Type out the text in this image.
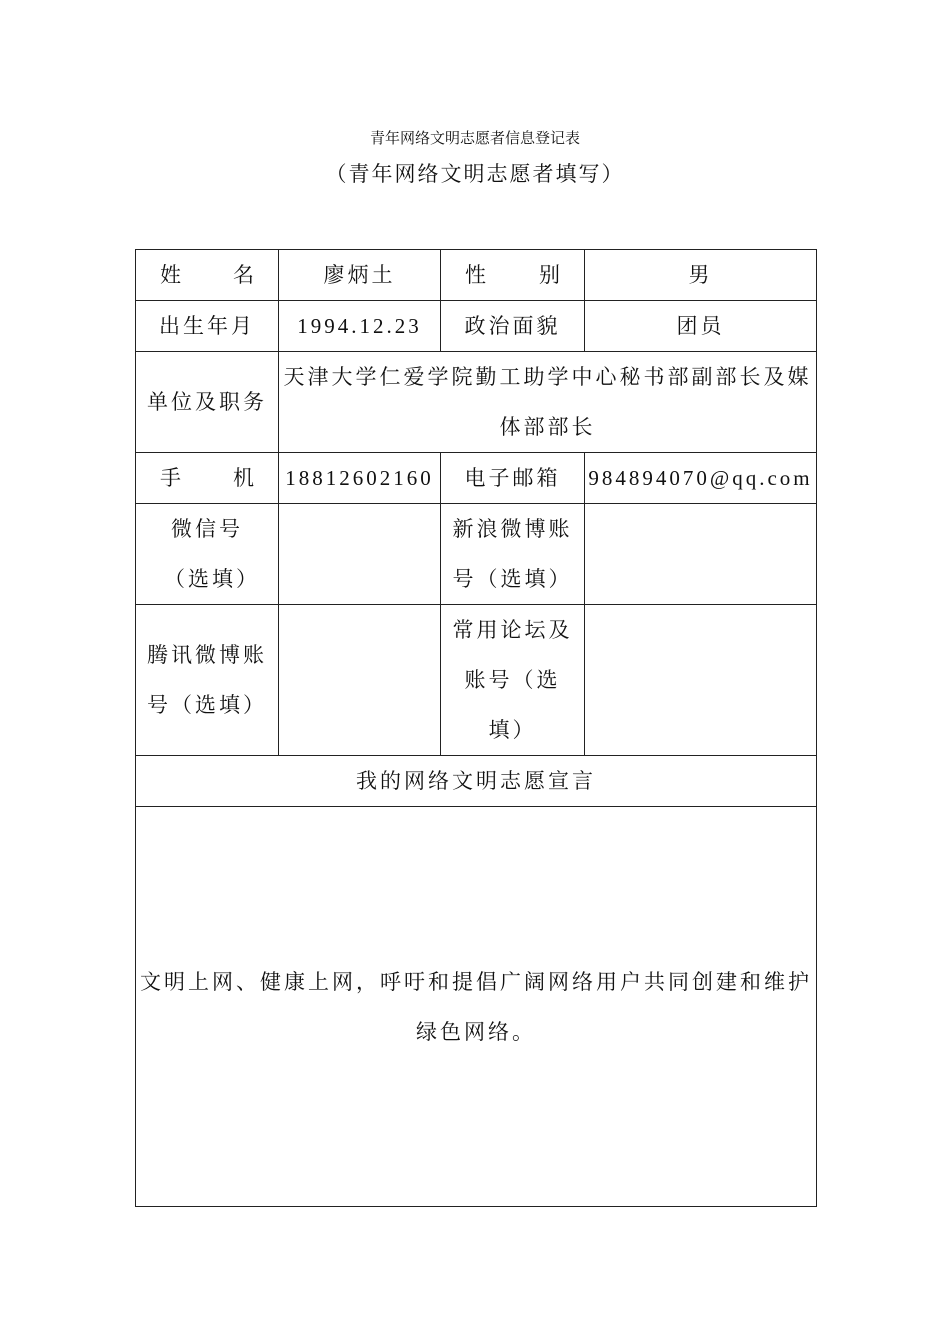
青年网络文明志愿者信息登记表
（青年网络文明志愿者填写）
姓 名	廖炳土	性 别	男
出生年月	1994.12.23	政治面貌	团员
单位及职务	天津大学仁爱学院勤工助学中心秘书部副部长及媒体部部长		

手 机	18812602160	电子邮箱	984894070@qq.com
微信号（选填）		新浪微博账号（选填）	
腾讯微博账号（选填）		常用论坛及账号（选填）	
我的网络文明志愿宣言			
文明上网、健康上网，呼吁和提倡广阔网络用户共同创建和维护绿色网络。			
